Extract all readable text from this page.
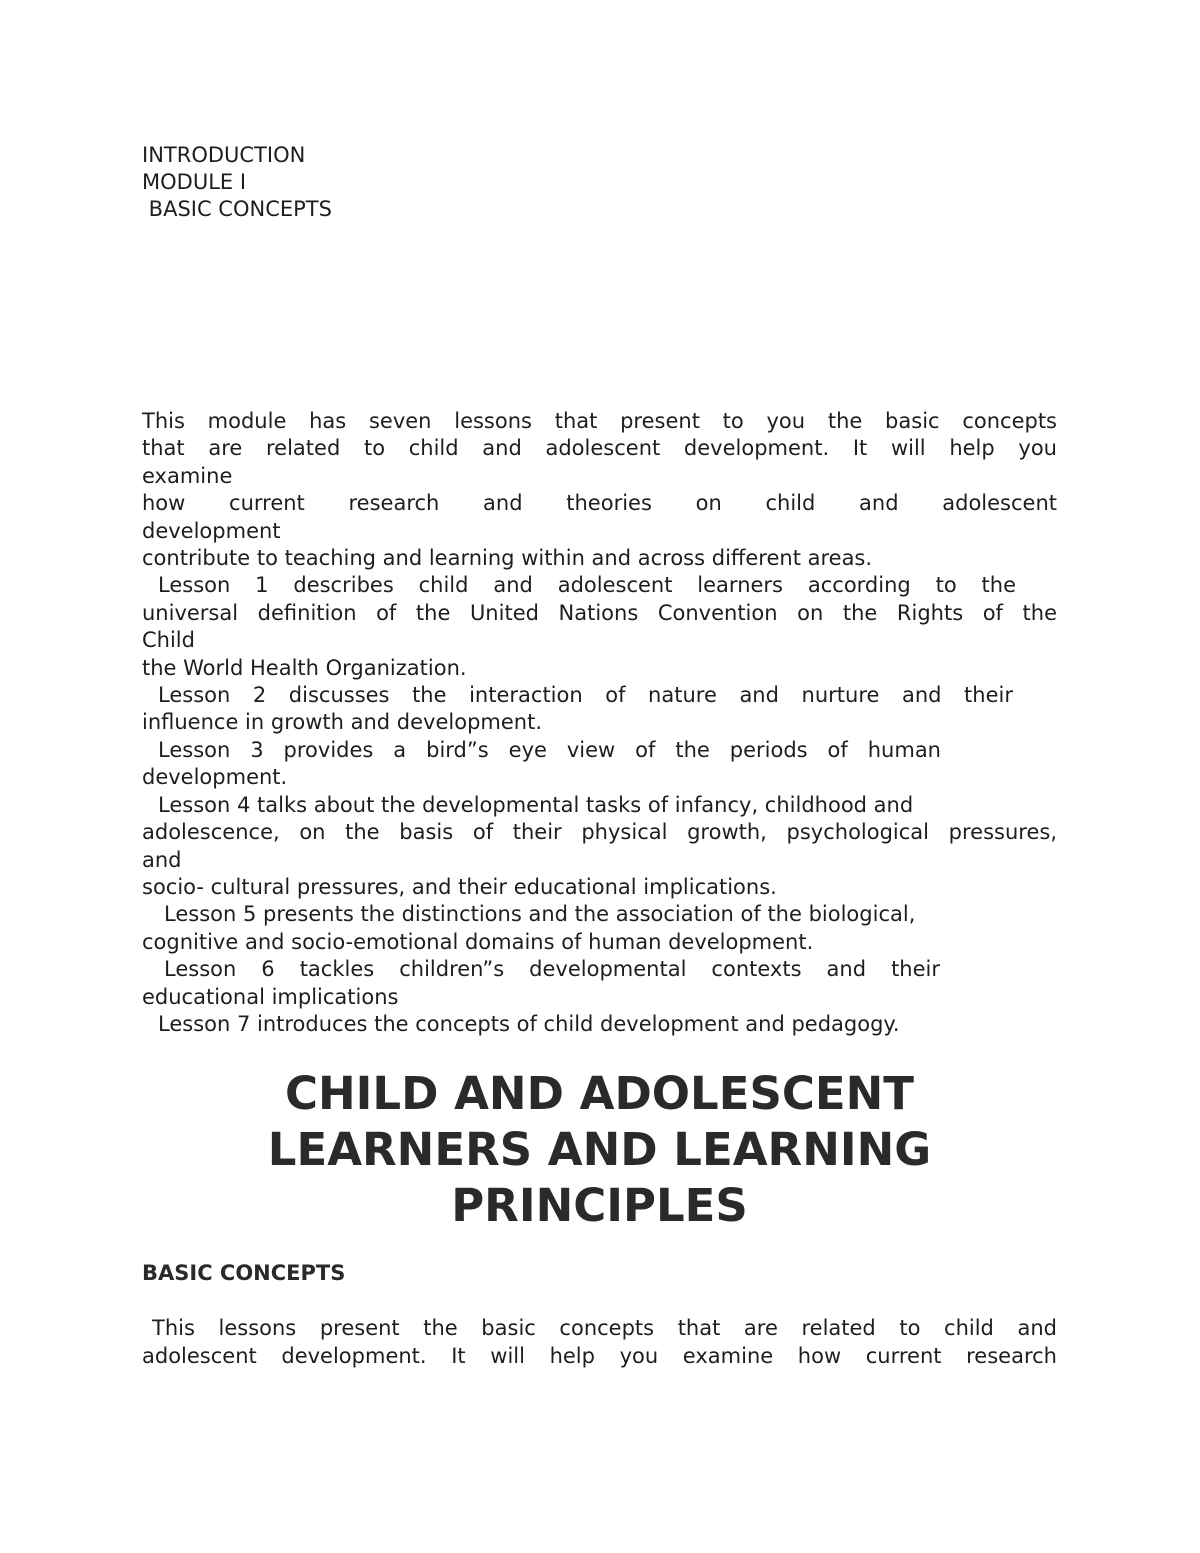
INTRODUCTION
MODULE I
BASIC CONCEPTS
This module has seven lessons that present to you the basic concepts
that are related to child and adolescent development. It will help you
examine
how current research and theories on child and adolescent
development
contribute to teaching and learning within and across different areas.
Lesson 1 describes child and adolescent learners according to the
universal definition of the United Nations Convention on the Rights of the
Child
the World Health Organization.
Lesson 2 discusses the interaction of nature and nurture and their
influence in growth and development.
Lesson 3 provides a bird”s eye view of the periods of human
development.
Lesson 4 talks about the developmental tasks of infancy, childhood and
adolescence, on the basis of their physical growth, psychological pressures,
and
socio- cultural pressures, and their educational implications.
Lesson 5 presents the distinctions and the association of the biological,
cognitive and socio-emotional domains of human development.
Lesson 6 tackles children”s developmental contexts and their
educational implications
Lesson 7 introduces the concepts of child development and pedagogy.
CHILD AND ADOLESCENT
LEARNERS AND LEARNING
PRINCIPLES
BASIC CONCEPTS
This lessons present the basic concepts that are related to child and
adolescent development. It will help you examine how current research
